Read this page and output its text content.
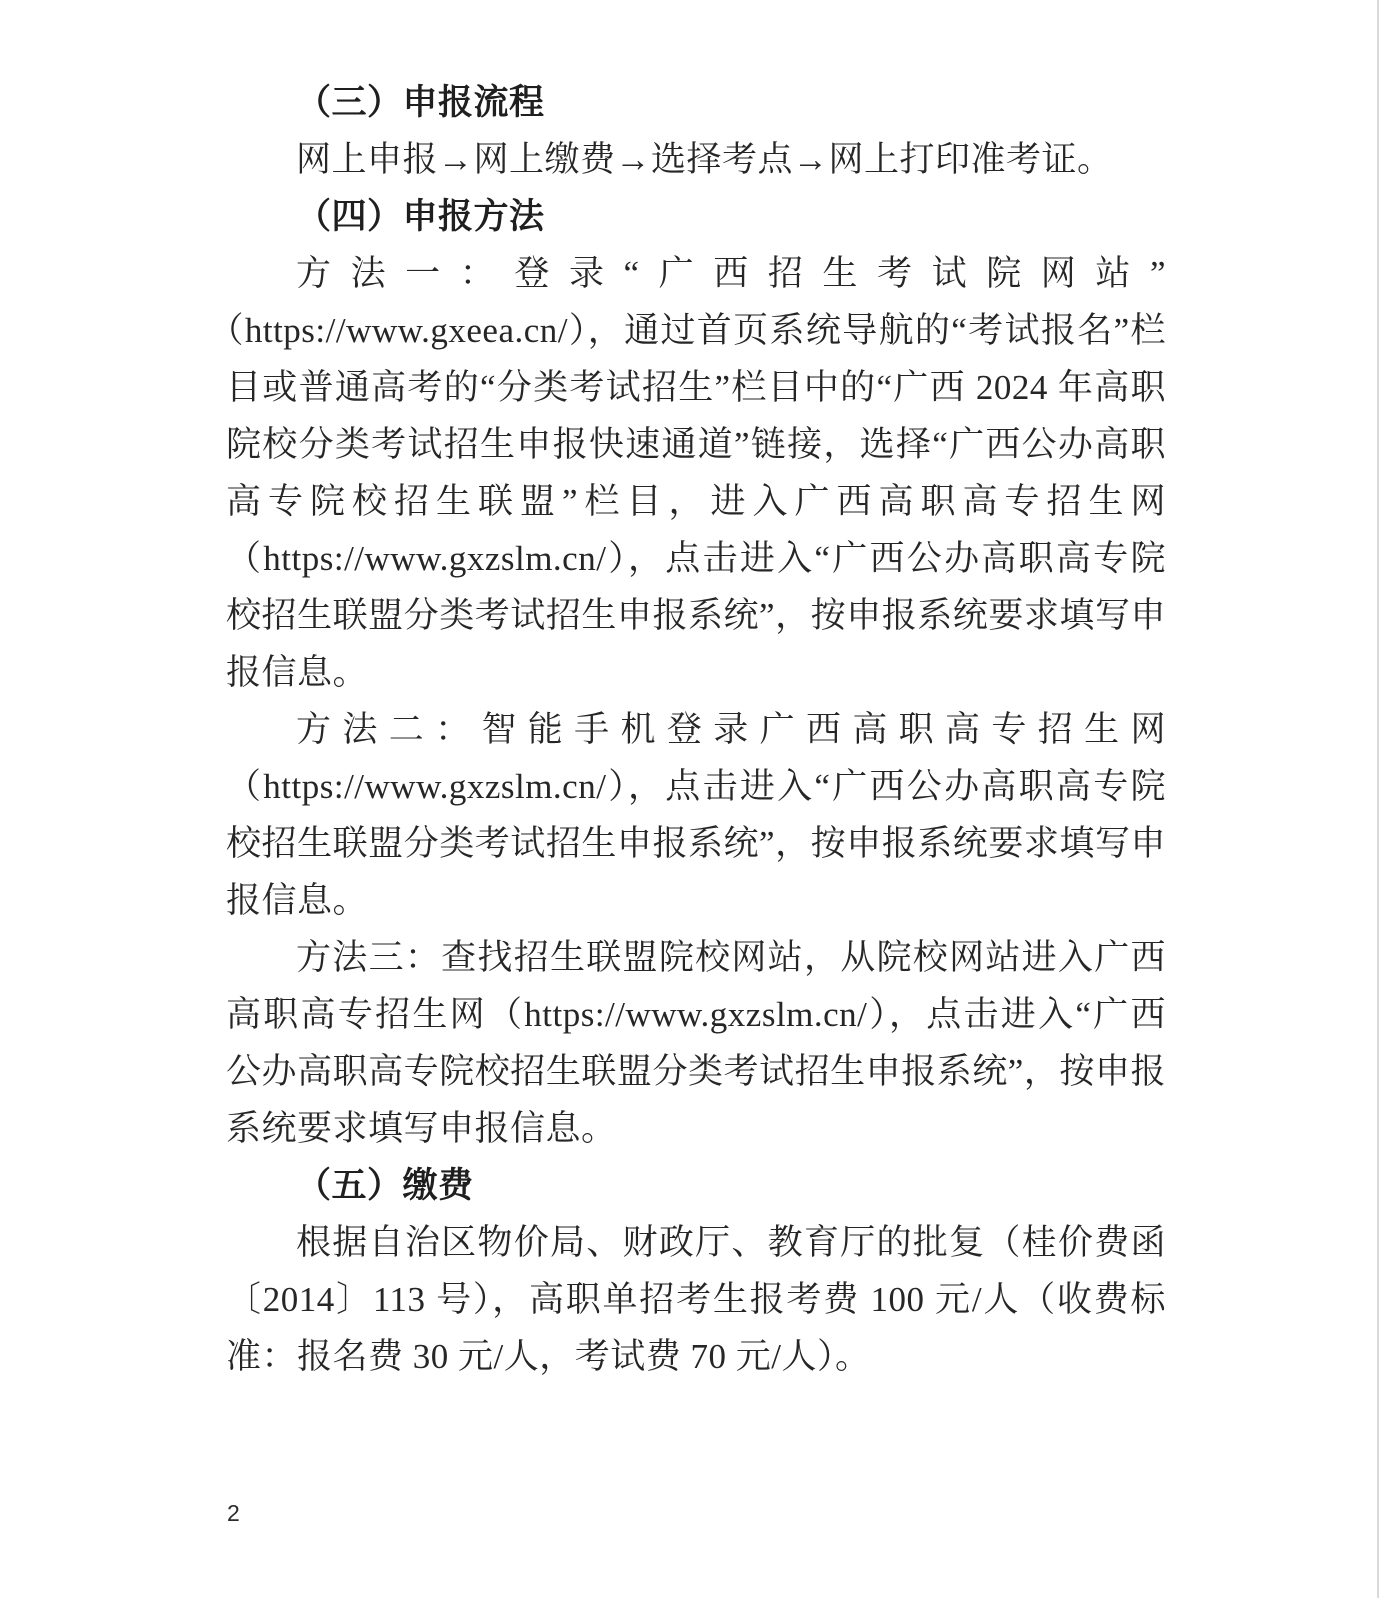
（三）申报流程

网上申报→网上缴费→选择考点→网上打印准考证。

（四）申报方法

方法一：登录“广西招生考试院网站”（https://www.gxeea.cn/），通过首页系统导航的“考试报名”栏目或普通高考的“分类考试招生”栏目中的“广西 2024 年高职院校分类考试招生申报快速通道”链接，选择“广西公办高职高专院校招生联盟”栏目，进入广西高职高专招生网（https://www.gxzslm.cn/），点击进入“广西公办高职高专院校招生联盟分类考试招生申报系统”，按申报系统要求填写申报信息。

方法二：智能手机登录广西高职高专招生网（https://www.gxzslm.cn/），点击进入“广西公办高职高专院校招生联盟分类考试招生申报系统”，按申报系统要求填写申报信息。

方法三：查找招生联盟院校网站，从院校网站进入广西高职高专招生网（https://www.gxzslm.cn/），点击进入“广西公办高职高专院校招生联盟分类考试招生申报系统”，按申报系统要求填写申报信息。

（五）缴费

根据自治区物价局、财政厅、教育厅的批复（桂价费函〔2014〕113 号），高职单招考生报考费 100 元/人（收费标准：报名费 30 元/人，考试费 70 元/人）。

2
